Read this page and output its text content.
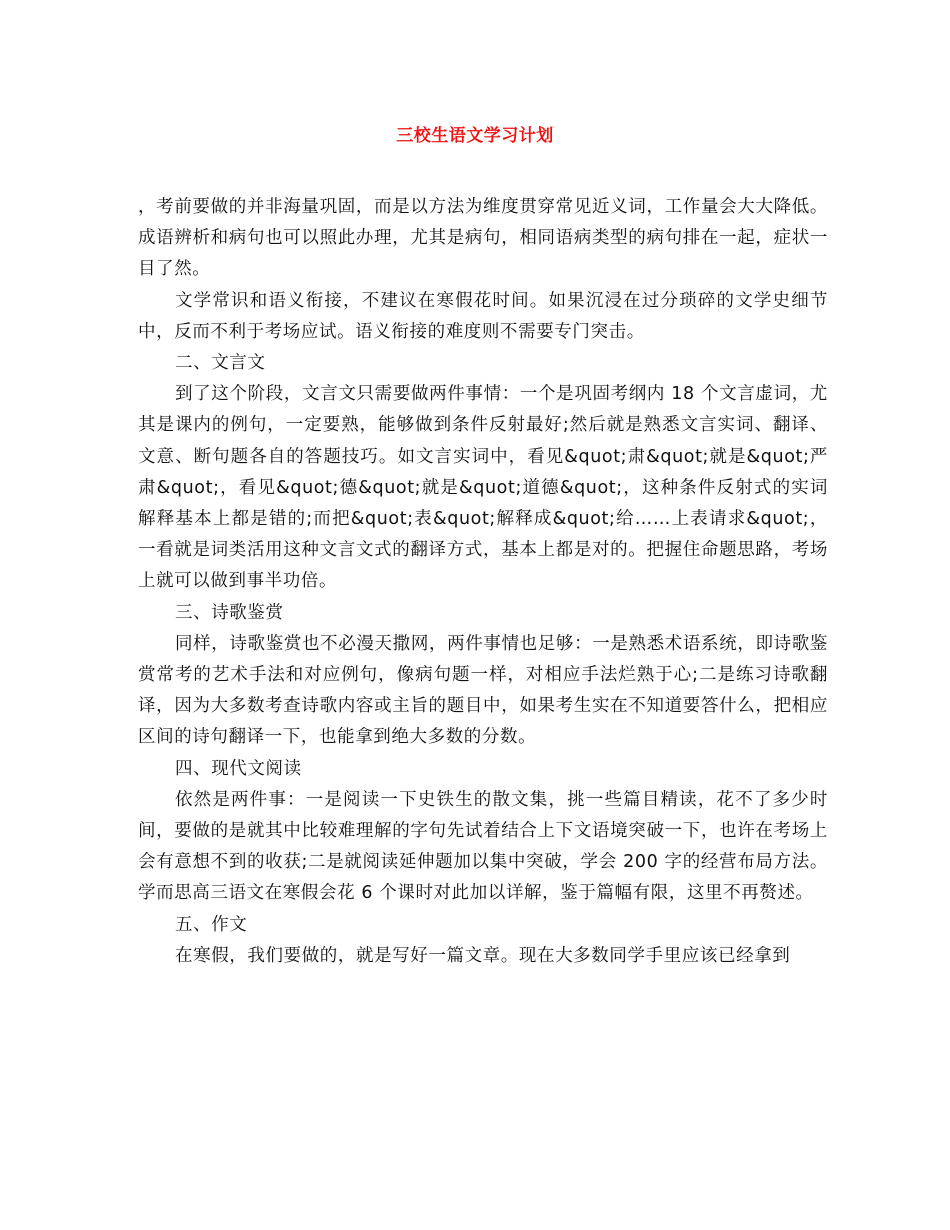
三校生语文学习计划

，考前要做的并非海量巩固，而是以方法为维度贯穿常见近义词，工作量会大大降低。成语辨析和病句也可以照此办理，尤其是病句，相同语病类型的病句排在一起，症状一目了然。

文学常识和语义衔接，不建议在寒假花时间。如果沉浸在过分琐碎的文学史细节中，反而不利于考场应试。语义衔接的难度则不需要专门突击。

二、文言文

到了这个阶段，文言文只需要做两件事情：一个是巩固考纲内 18 个文言虚词，尤其是课内的例句，一定要熟，能够做到条件反射最好;然后就是熟悉文言实词、翻译、文意、断句题各自的答题技巧。如文言实词中，看见&quot;肃&quot;就是&quot;严肃&quot;，看见&quot;德&quot;就是&quot;道德&quot;，这种条件反射式的实词解释基本上都是错的;而把&quot;表&quot;解释成&quot;给……上表请求&quot;，一看就是词类活用这种文言文式的翻译方式，基本上都是对的。把握住命题思路，考场上就可以做到事半功倍。

三、诗歌鉴赏

同样，诗歌鉴赏也不必漫天撒网，两件事情也足够：一是熟悉术语系统，即诗歌鉴赏常考的艺术手法和对应例句，像病句题一样，对相应手法烂熟于心;二是练习诗歌翻译，因为大多数考查诗歌内容或主旨的题目中，如果考生实在不知道要答什么，把相应区间的诗句翻译一下，也能拿到绝大多数的分数。

四、现代文阅读

依然是两件事：一是阅读一下史铁生的散文集，挑一些篇目精读，花不了多少时间，要做的是就其中比较难理解的字句先试着结合上下文语境突破一下，也许在考场上会有意想不到的收获;二是就阅读延伸题加以集中突破，学会 200 字的经营布局方法。学而思高三语文在寒假会花 6 个课时对此加以详解，鉴于篇幅有限，这里不再赘述。

五、作文

在寒假，我们要做的，就是写好一篇文章。现在大多数同学手里应该已经拿到
